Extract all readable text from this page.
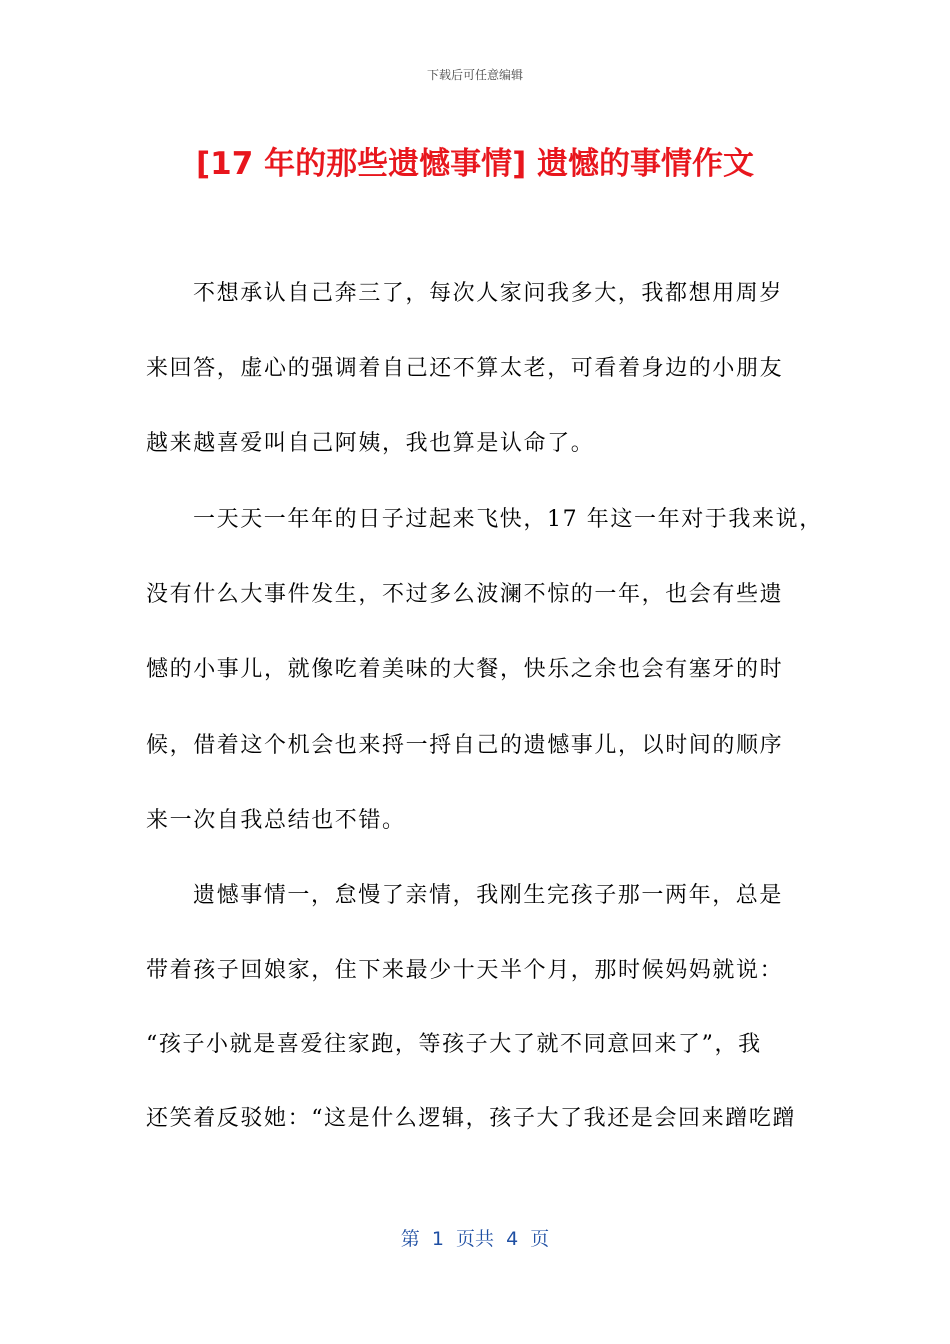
下载后可任意编辑
[17 年的那些遗憾事情] 遗憾的事情作文

不想承认自己奔三了，每次人家问我多大，我都想用周岁

来回答，虚心的强调着自己还不算太老，可看着身边的小朋友

越来越喜爱叫自己阿姨，我也算是认命了。

一天天一年年的日子过起来飞快，17 年这一年对于我来说，

没有什么大事件发生，不过多么波澜不惊的一年，也会有些遗

憾的小事儿，就像吃着美味的大餐，快乐之余也会有塞牙的时

候，借着这个机会也来捋一捋自己的遗憾事儿，以时间的顺序

来一次自我总结也不错。

遗憾事情一，怠慢了亲情，我刚生完孩子那一两年，总是

带着孩子回娘家，住下来最少十天半个月，那时候妈妈就说：

“孩子小就是喜爱往家跑，等孩子大了就不同意回来了”，我

还笑着反驳她：“这是什么逻辑，孩子大了我还是会回来蹭吃蹭

第  1  页共  4  页
